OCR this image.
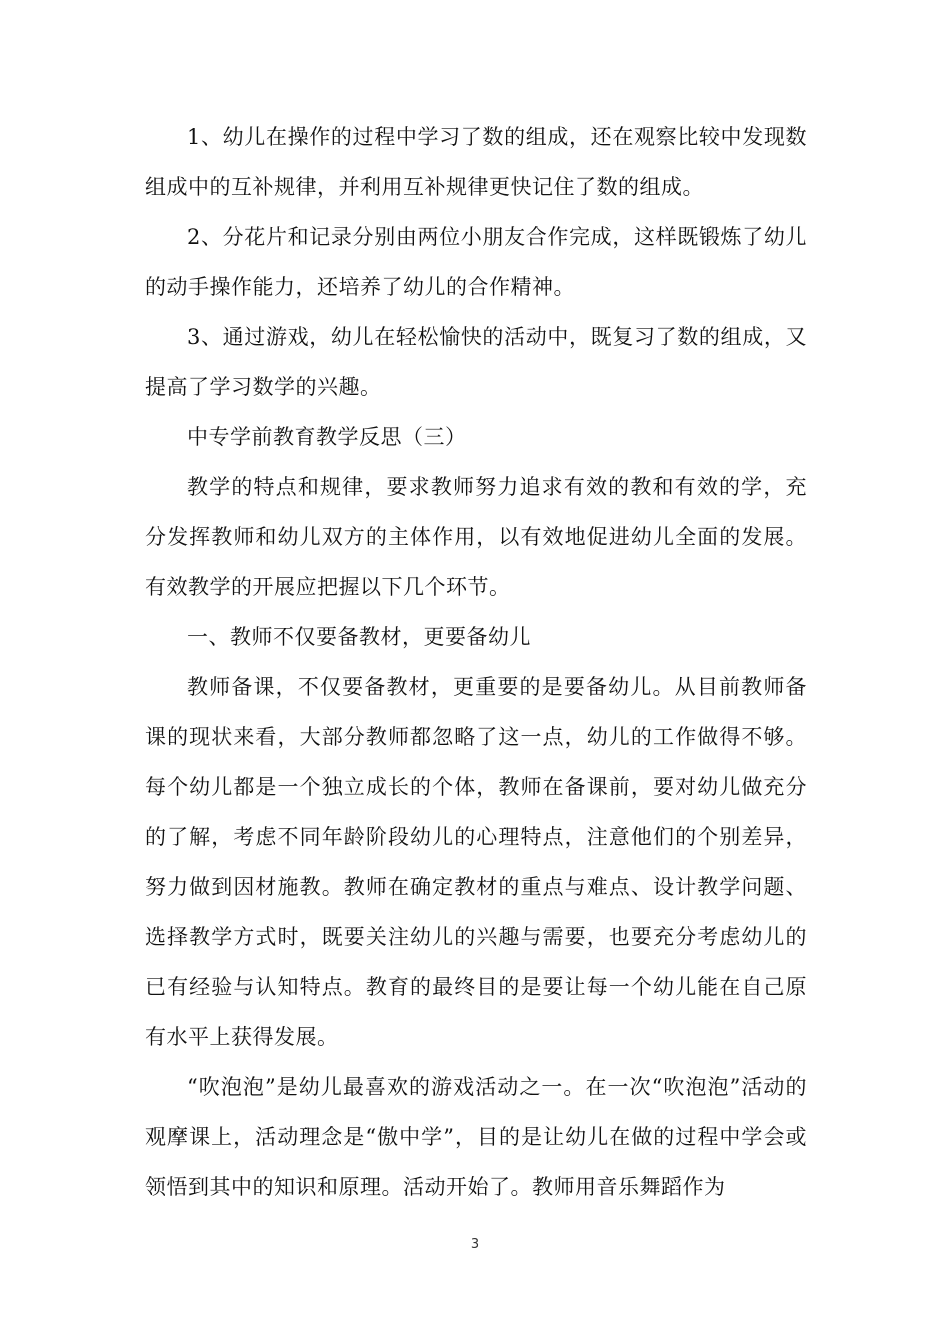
1、幼儿在操作的过程中学习了数的组成，还在观察比较中发现数组成中的互补规律，并利用互补规律更快记住了数的组成。

2、分花片和记录分别由两位小朋友合作完成，这样既锻炼了幼儿的动手操作能力，还培养了幼儿的合作精神。

3、通过游戏，幼儿在轻松愉快的活动中，既复习了数的组成，又提高了学习数学的兴趣。

中专学前教育教学反思（三）

教学的特点和规律，要求教师努力追求有效的教和有效的学，充分发挥教师和幼儿双方的主体作用，以有效地促进幼儿全面的发展。有效教学的开展应把握以下几个环节。

一、教师不仅要备教材，更要备幼儿

教师备课，不仅要备教材，更重要的是要备幼儿。从目前教师备课的现状来看，大部分教师都忽略了这一点，幼儿的工作做得不够。每个幼儿都是一个独立成长的个体，教师在备课前，要对幼儿做充分的了解，考虑不同年龄阶段幼儿的心理特点，注意他们的个别差异，努力做到因材施教。教师在确定教材的重点与难点、设计教学问题、选择教学方式时，既要关注幼儿的兴趣与需要，也要充分考虑幼儿的已有经验与认知特点。教育的最终目的是要让每一个幼儿能在自己原有水平上获得发展。

“吹泡泡”是幼儿最喜欢的游戏活动之一。在一次“吹泡泡”活动的观摩课上，活动理念是“傲中学”，目的是让幼儿在做的过程中学会或领悟到其中的知识和原理。活动开始了。教师用音乐舞蹈作为

3
